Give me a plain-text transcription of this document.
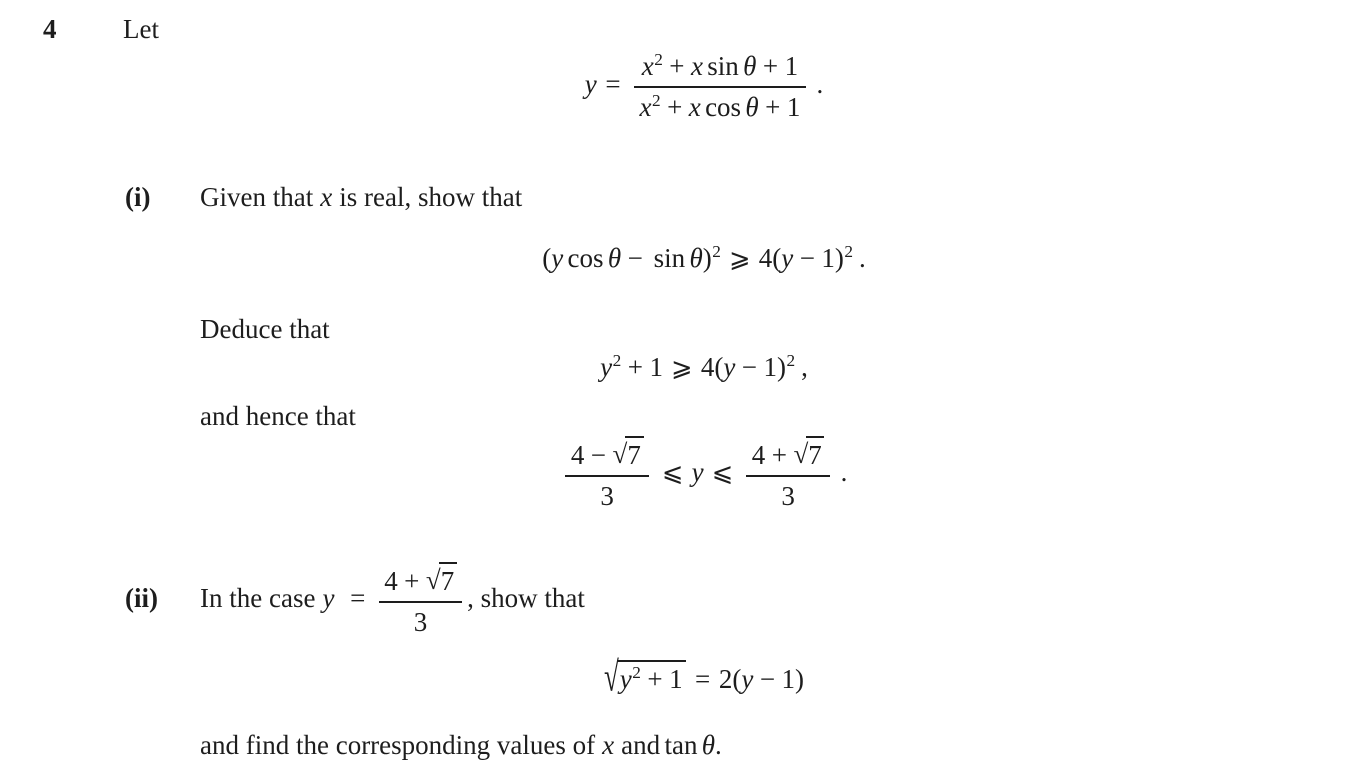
4 Let
$y = \frac{x^2 + x \sin \theta + 1}{x^2 + x \cos \theta + 1}$ .
(i) Given that x is real, show that
(y cos θ − sin θ)$^2$ ⩾ $4(y - 1)^2$ .
Deduce that
$y^2 + 1$ ⩾ $4(y - 1)^2$ ,
and hence that
$\frac{4 - √7}{3}$ ⩽ y ⩽ $\frac{4 + √7}{3}$ .
(ii) In the case $y = \frac{4 + √7}{3}$ , show that
$√y^2 + 1 = 2(y - 1)$
and find the corresponding values of x and tan θ.
